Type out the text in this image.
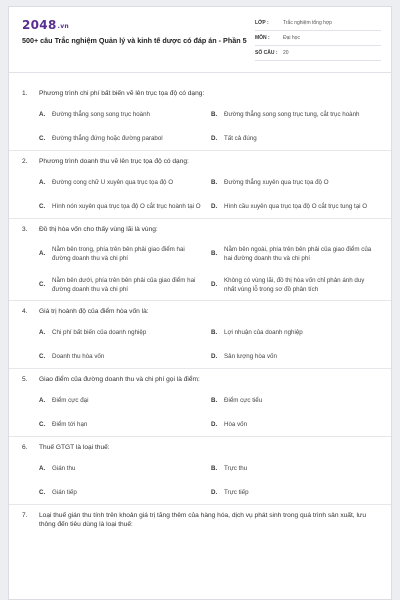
2048.vn
500+ câu Trắc nghiệm Quản lý và kinh tế dược có đáp án - Phần 5
LỚP :	Trắc nghiệm tổng hợp
MÔN :	Đại học
SỐ CÂU :	20
1.	Phương trình chi phí bất biến vẽ lên trục tọa độ có dạng:
A.	Đường thẳng song song trục hoành	B.	Đường thẳng song song trục tung, cắt trục hoành
C.	Đường thẳng đứng hoặc đường parabol	D.	Tất cả đúng
2.	Phương trình doanh thu vẽ lên trục tọa độ có dạng:
A.	Đường cong chữ U xuyên qua trục tọa độ O	B.	Đường thẳng xuyên qua trục tọa độ O
C.	Hình nón xuyên qua trục tọa độ O cắt trục hoành tại O D.	Hình cầu xuyên qua trục tọa độ O cắt trục tung tại O
3.	Đồ thị hòa vốn cho thấy vùng lãi là vùng:
A.
Nằm bên trong, phía trên bên phải giao điểm hai đường doanh thu và chi phí
B.
Nằm bên ngoài, phía trên bên phải của giao điểm của hai đường doanh thu và chi phí
C.
Nằm bên dưới, phía trên bên phải của giao điểm hai đường doanh thu và chi phí
D.
Không có vùng lãi, đồ thị hòa vốn chỉ phản ánh duy nhất vùng lỗ trong sơ đồ phân tích
4.	Giá trị hoành độ của điểm hòa vốn là:
A.	Chi phí bất biến của doanh nghiệp	B.	Lợi nhuận của doanh nghiệp
C.	Doanh thu hòa vốn	D.	Sản lượng hòa vốn
5.	Giao điểm của đường doanh thu và chi phí gọi là điểm:
A.	Điểm cực đại	B.	Điểm cực tiểu
C.	Điểm tới hạn	D.	Hòa vốn
6.	Thuế GTGT là loại thuế:
A.	Gián thu	B.	Trực thu
C.	Gián tiếp	D.	Trực tiếp
7.	Loại thuế gián thu tính trên khoản giá trị tăng thêm của hàng hóa, dịch vụ phát sinh trong quá trình sản xuất, lưu thông đến tiêu dùng là loại thuế:
